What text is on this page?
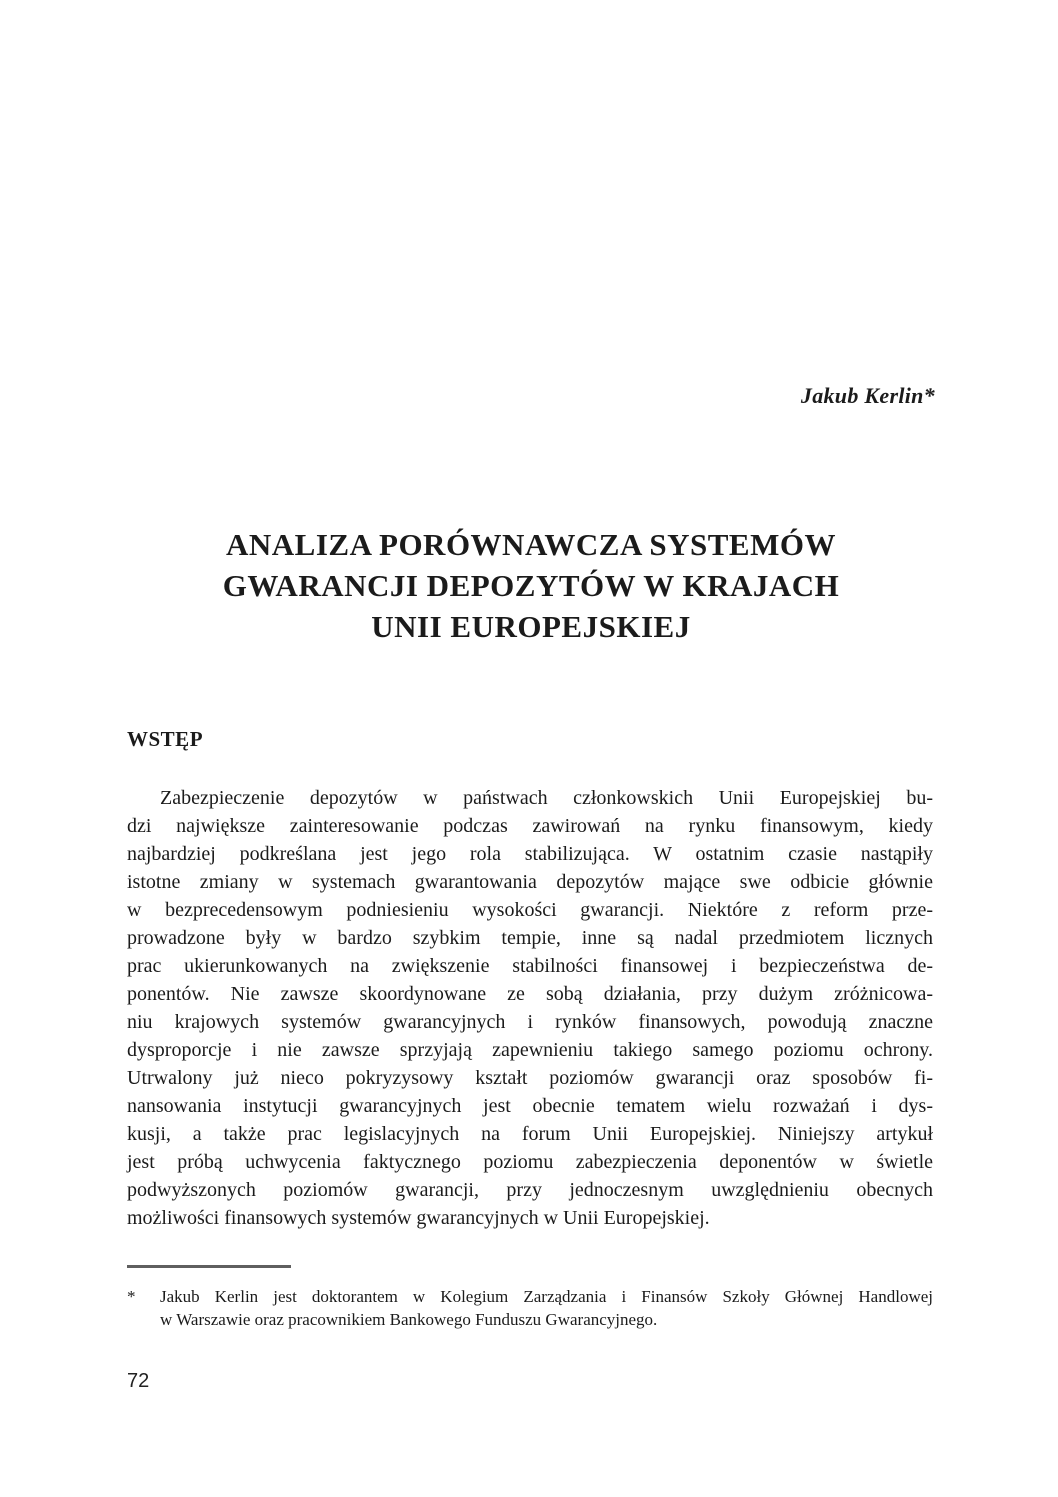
Jakub Kerlin*
ANALIZA PORÓWNAWCZA SYSTEMÓW
GWARANCJI DEPOZYTÓW W KRAJACH
UNII EUROPEJSKIEJ
WSTĘP
Zabezpieczenie depozytów w państwach członkowskich Unii Europejskiej bu-
dzi największe zainteresowanie podczas zawirowań na rynku finansowym, kiedy
najbardziej podkreślana jest jego rola stabilizująca. W ostatnim czasie nastąpiły
istotne zmiany w systemach gwarantowania depozytów mające swe odbicie głównie
w bezprecedensowym podniesieniu wysokości gwarancji. Niektóre z reform prze-
prowadzone były w bardzo szybkim tempie, inne są nadal przedmiotem licznych
prac ukierunkowanych na zwiększenie stabilności finansowej i bezpieczeństwa de-
ponentów. Nie zawsze skoordynowane ze sobą działania, przy dużym zróżnicowa-
niu krajowych systemów gwarancyjnych i rynków finansowych, powodują znaczne
dysproporcje i nie zawsze sprzyjają zapewnieniu takiego samego poziomu ochrony.
Utrwalony już nieco pokryzysowy kształt poziomów gwarancji oraz sposobów fi-
nansowania instytucji gwarancyjnych jest obecnie tematem wielu rozważań i dys-
kusji, a także prac legislacyjnych na forum Unii Europejskiej. Niniejszy artykuł
jest próbą uchwycenia faktycznego poziomu zabezpieczenia deponentów w świetle
podwyższonych poziomów gwarancji, przy jednoczesnym uwzględnieniu obecnych
możliwości finansowych systemów gwarancyjnych w Unii Europejskiej.
*	Jakub Kerlin jest doktorantem w Kolegium Zarządzania i Finansów Szkoły Głównej Handlowej
w Warszawie oraz pracownikiem Bankowego Funduszu Gwarancyjnego.
72
